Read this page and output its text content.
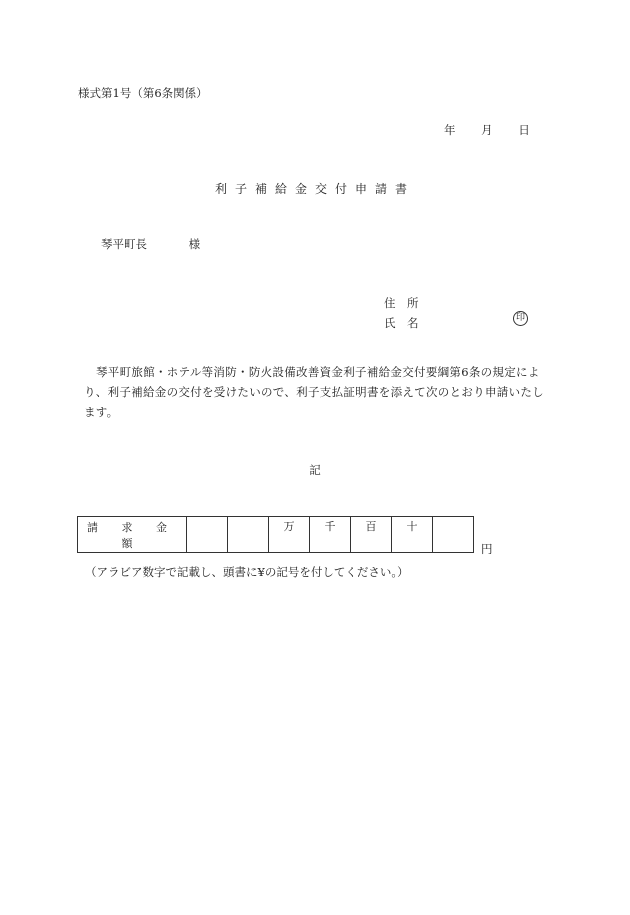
様式第1号（第6条関係）
年 月 日
利子補給金交付申請書
琴平町長	様
住　所
氏　名	印
琴平町旅館・ホテル等消防・防火設備改善資金利子補給金交付要綱第6条の規定により、利子補給金の交付を受けたいので、利子支払証明書を添えて次のとおり申請いたします。
記
請 求 金 額			万	千	百	十	
円
（アラビア数字で記載し、頭書に¥の記号を付してください。）
